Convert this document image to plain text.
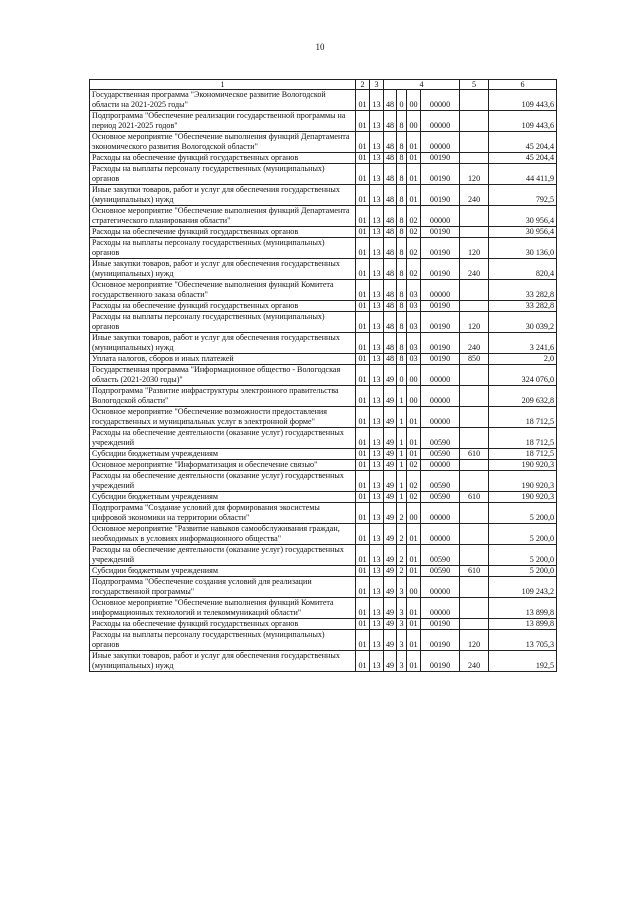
10
1	2	3	4				5	6
Государственная программа "Экономическое развитие Вологодской области на 2021-2025 годы"	01	13	48	0	00	00000		109 443,6
Подпрограмма "Обеспечение реализации государственной программы на период 2021-2025 годов"	01	13	48	8	00	00000		109 443,6
Основное мероприятие "Обеспечение выполнения функций Департамента экономического развития Вологодской области"	01	13	48	8	01	00000		45 204,4
Расходы на обеспечение функций государственных органов	01	13	48	8	01	00190		45 204,4
Расходы на выплаты персоналу государственных (муниципальных) органов	01	13	48	8	01	00190	120	44 411,9
Иные закупки товаров, работ и услуг для обеспечения государственных (муниципальных) нужд	01	13	48	8	01	00190	240	792,5
Основное мероприятие "Обеспечение выполнения функций Департамента стратегического планирования области"	01	13	48	8	02	00000		30 956,4
Расходы на обеспечение функций государственных органов	01	13	48	8	02	00190		30 956,4
Расходы на выплаты персоналу государственных (муниципальных) органов	01	13	48	8	02	00190	120	30 136,0
Иные закупки товаров, работ и услуг для обеспечения государственных (муниципальных) нужд	01	13	48	8	02	00190	240	820,4
Основное мероприятие "Обеспечение выполнения функций Комитета государственного заказа области"	01	13	48	8	03	00000		33 282,8
Расходы на обеспечение функций государственных органов	01	13	48	8	03	00190		33 282,8
Расходы на выплаты персоналу государственных (муниципальных) органов	01	13	48	8	03	00190	120	30 039,2
Иные закупки товаров, работ и услуг для обеспечения государственных (муниципальных) нужд	01	13	48	8	03	00190	240	3 241,6
Уплата налогов, сборов и иных платежей	01	13	48	8	03	00190	850	2,0
Государственная программа "Информационное общество - Вологодская область (2021-2030 годы)"	01	13	49	0	00	00000		324 076,0
Подпрограмма "Развитие инфраструктуры электронного правительства Вологодской области"	01	13	49	1	00	00000		209 632,8
Основное мероприятие "Обеспечение возможности предоставления государственных и муниципальных услуг в электронной форме"	01	13	49	1	01	00000		18 712,5
Расходы на обеспечение деятельности (оказание услуг) государственных учреждений	01	13	49	1	01	00590		18 712,5
Субсидии бюджетным учреждениям	01	13	49	1	01	00590	610	18 712,5
Основное мероприятие "Информатизация и обеспечение связью"	01	13	49	1	02	00000		190 920,3
Расходы на обеспечение деятельности (оказание услуг) государственных учреждений	01	13	49	1	02	00590		190 920,3
Субсидии бюджетным учреждениям	01	13	49	1	02	00590	610	190 920,3
Подпрограмма "Создание условий для формирования экосистемы цифровой экономики на территории области"	01	13	49	2	00	00000		5 200,0
Основное мероприятие "Развитие навыков самообслуживания граждан, необходимых в условиях информационного общества"	01	13	49	2	01	00000		5 200,0
Расходы на обеспечение деятельности (оказание услуг) государственных учреждений	01	13	49	2	01	00590		5 200,0
Субсидии бюджетным учреждениям	01	13	49	2	01	00590	610	5 200,0
Подпрограмма "Обеспечение создания условий для реализации государственной программы"	01	13	49	3	00	00000		109 243,2
Основное мероприятие "Обеспечение выполнения функций Комитета информационных технологий и телекоммуникаций области"	01	13	49	3	01	00000		13 899,8
Расходы на обеспечение функций государственных органов	01	13	49	3	01	00190		13 899,8
Расходы на выплаты персоналу государственных (муниципальных) органов	01	13	49	3	01	00190	120	13 705,3
Иные закупки товаров, работ и услуг для обеспечения государственных (муниципальных) нужд	01	13	49	3	01	00190	240	192,5
